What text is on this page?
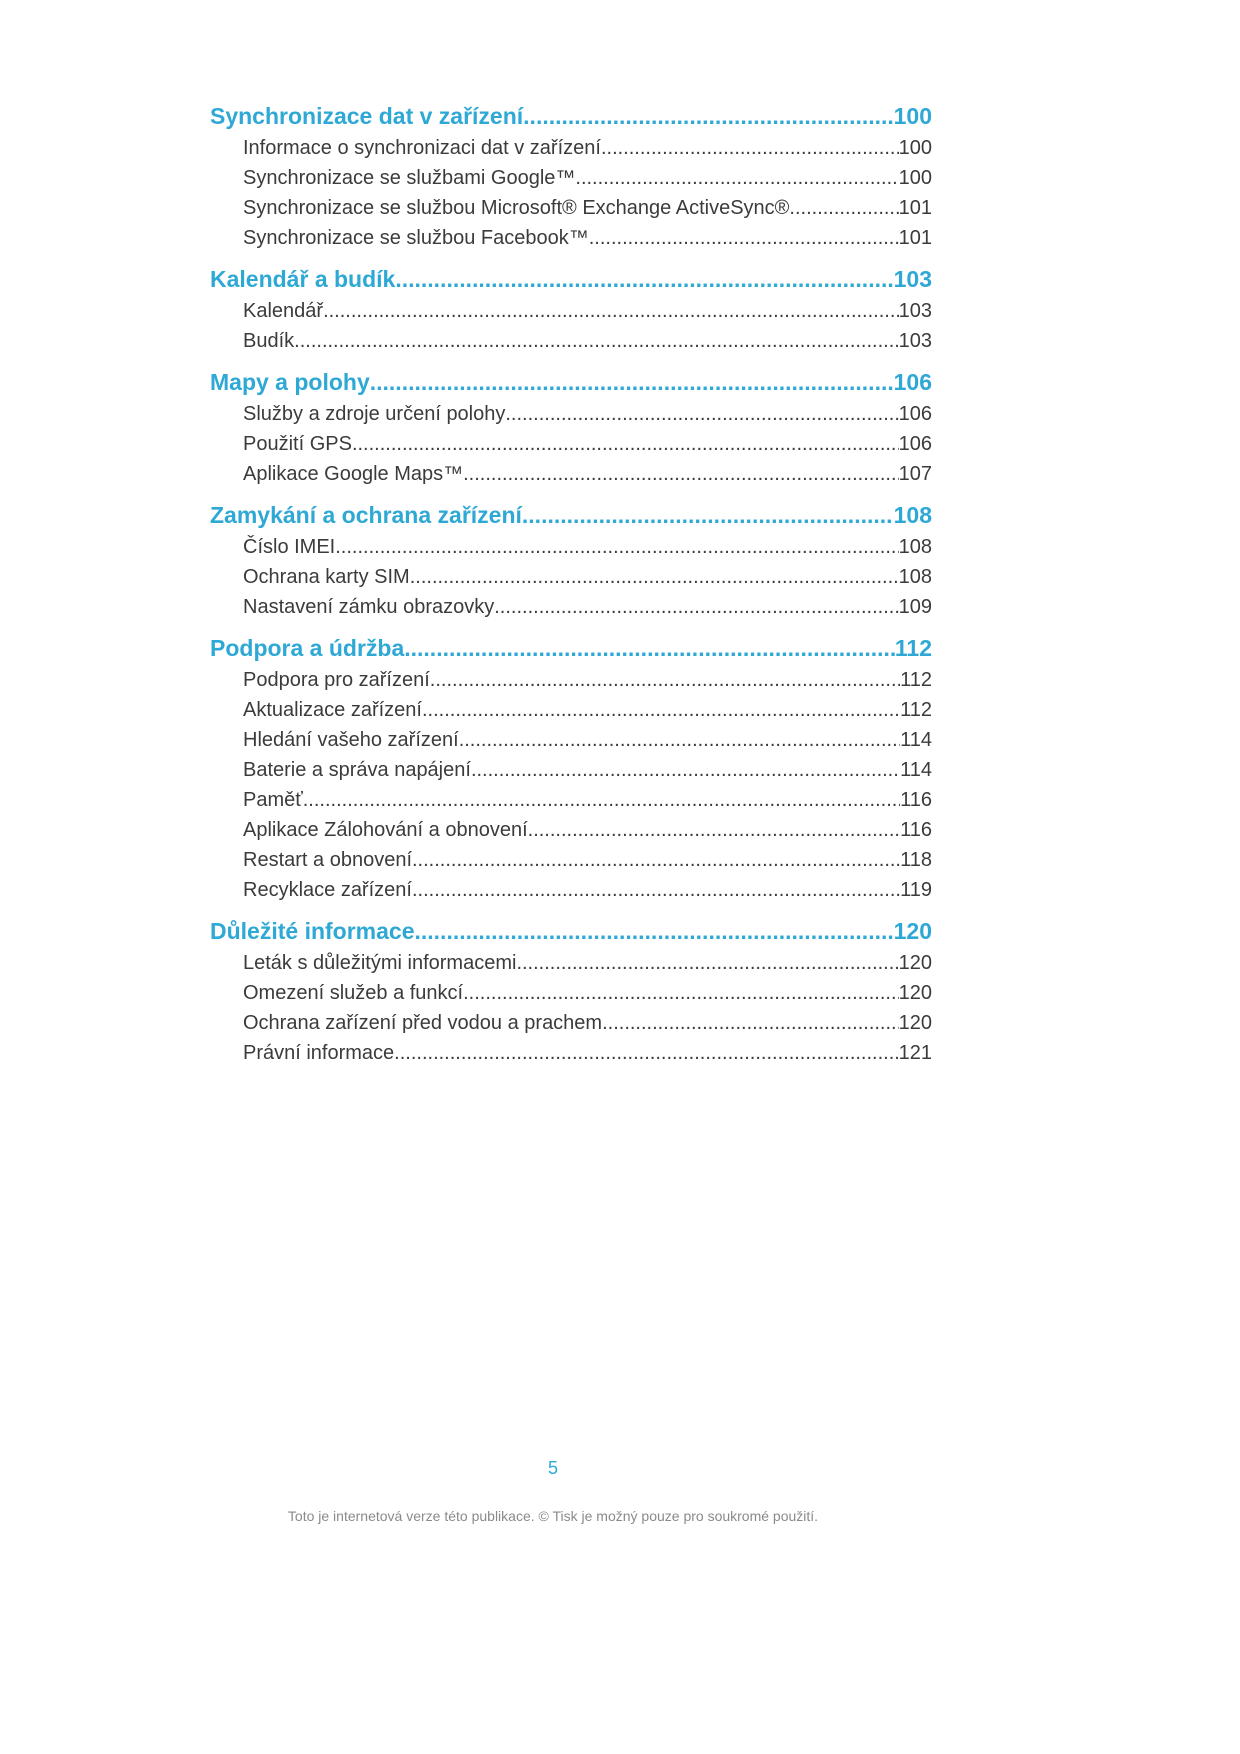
Synchronizace dat v zařízení .....	100
Informace o synchronizaci dat v zařízení .....	100
Synchronizace se službami Google™ .....	100
Synchronizace se službou Microsoft® Exchange ActiveSync® .....	101
Synchronizace se službou Facebook™ .....	101
Kalendář a budík .....	103
Kalendář .....	103
Budík .....	103
Mapy a polohy .....	106
Služby a zdroje určení polohy .....	106
Použití GPS .....	106
Aplikace Google Maps™ .....	107
Zamykání a ochrana zařízení .....	108
Číslo IMEI .....	108
Ochrana karty SIM .....	108
Nastavení zámku obrazovky .....	109
Podpora a údržba .....	112
Podpora pro zařízení .....	112
Aktualizace zařízení .....	112
Hledání vašeho zařízení .....	114
Baterie a správa napájení .....	114
Paměť .....	116
Aplikace Zálohování a obnovení .....	116
Restart a obnovení .....	118
Recyklace zařízení .....	119
Důležité informace .....	120
Leták s důležitými informacemi .....	120
Omezení služeb a funkcí .....	120
Ochrana zařízení před vodou a prachem .....	120
Právní informace .....	121
5
Toto je internetová verze této publikace. © Tisk je možný pouze pro soukromé použití.
